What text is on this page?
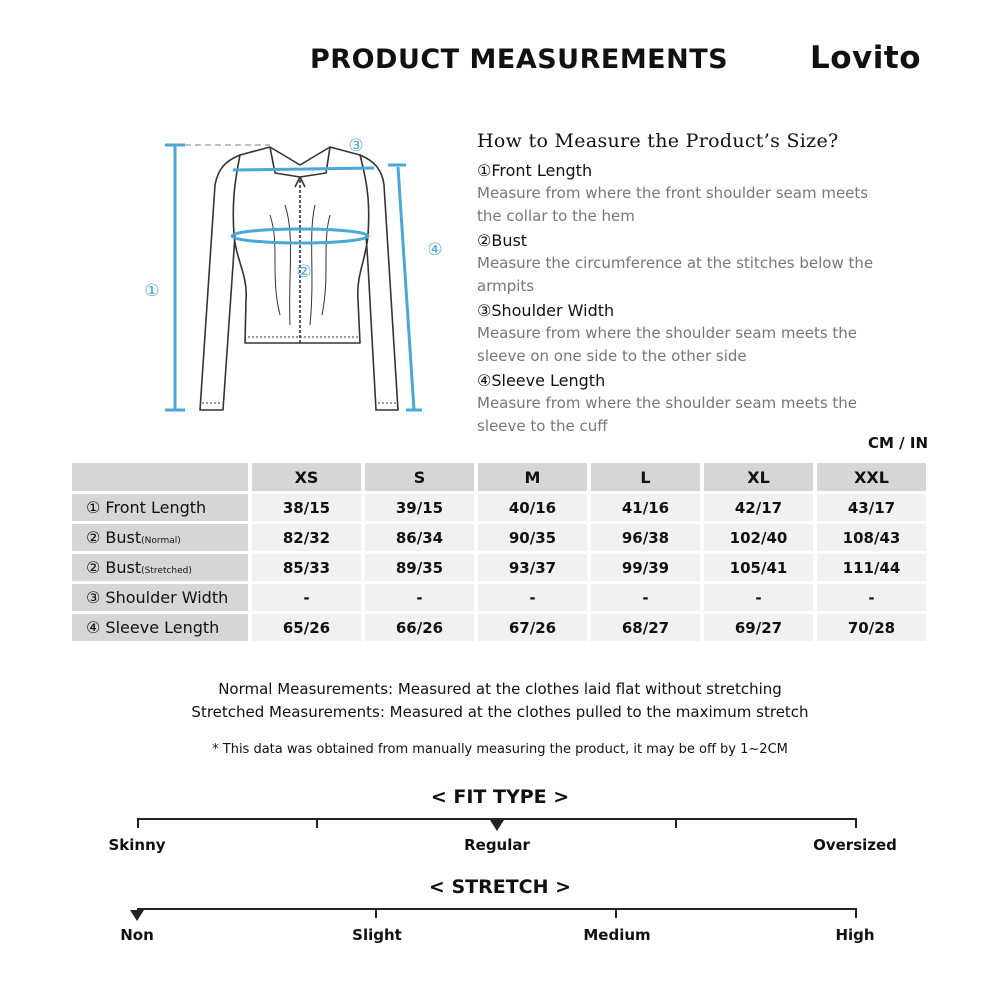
PRODUCT MEASUREMENTS	Lovito
①
②
③
④
How to Measure the Product’s Size?

①Front Length

Measure from where the front shoulder seam meets the collar to the hem

②Bust

Measure the circumference at the stitches below the armpits

③Shoulder Width

Measure from where the shoulder seam meets the sleeve on one side to the other side

④Sleeve Length

Measure from where the shoulder seam meets the sleeve to the cuff

CM / IN
	XS	S	M	L	XL	XXL
① Front Length	38/15	39/15	40/16	41/16	42/17	43/17
② Bust(Normal)	82/32	86/34	90/35	96/38	102/40	108/43
② Bust(Stretched)	85/33	89/35	93/37	99/39	105/41	111/44
③ Shoulder Width	-	-	-	-	-	-
④ Sleeve Length	65/26	66/26	67/26	68/27	69/27	70/28
Normal Measurements: Measured at the clothes laid flat without stretching
Stretched Measurements: Measured at the clothes pulled to the maximum stretch
* This data was obtained from manually measuring the product, it may be off by 1~2CM
< FIT TYPE >
Skinny	Regular	Oversized
< STRETCH >
Non	Slight	Medium	High
